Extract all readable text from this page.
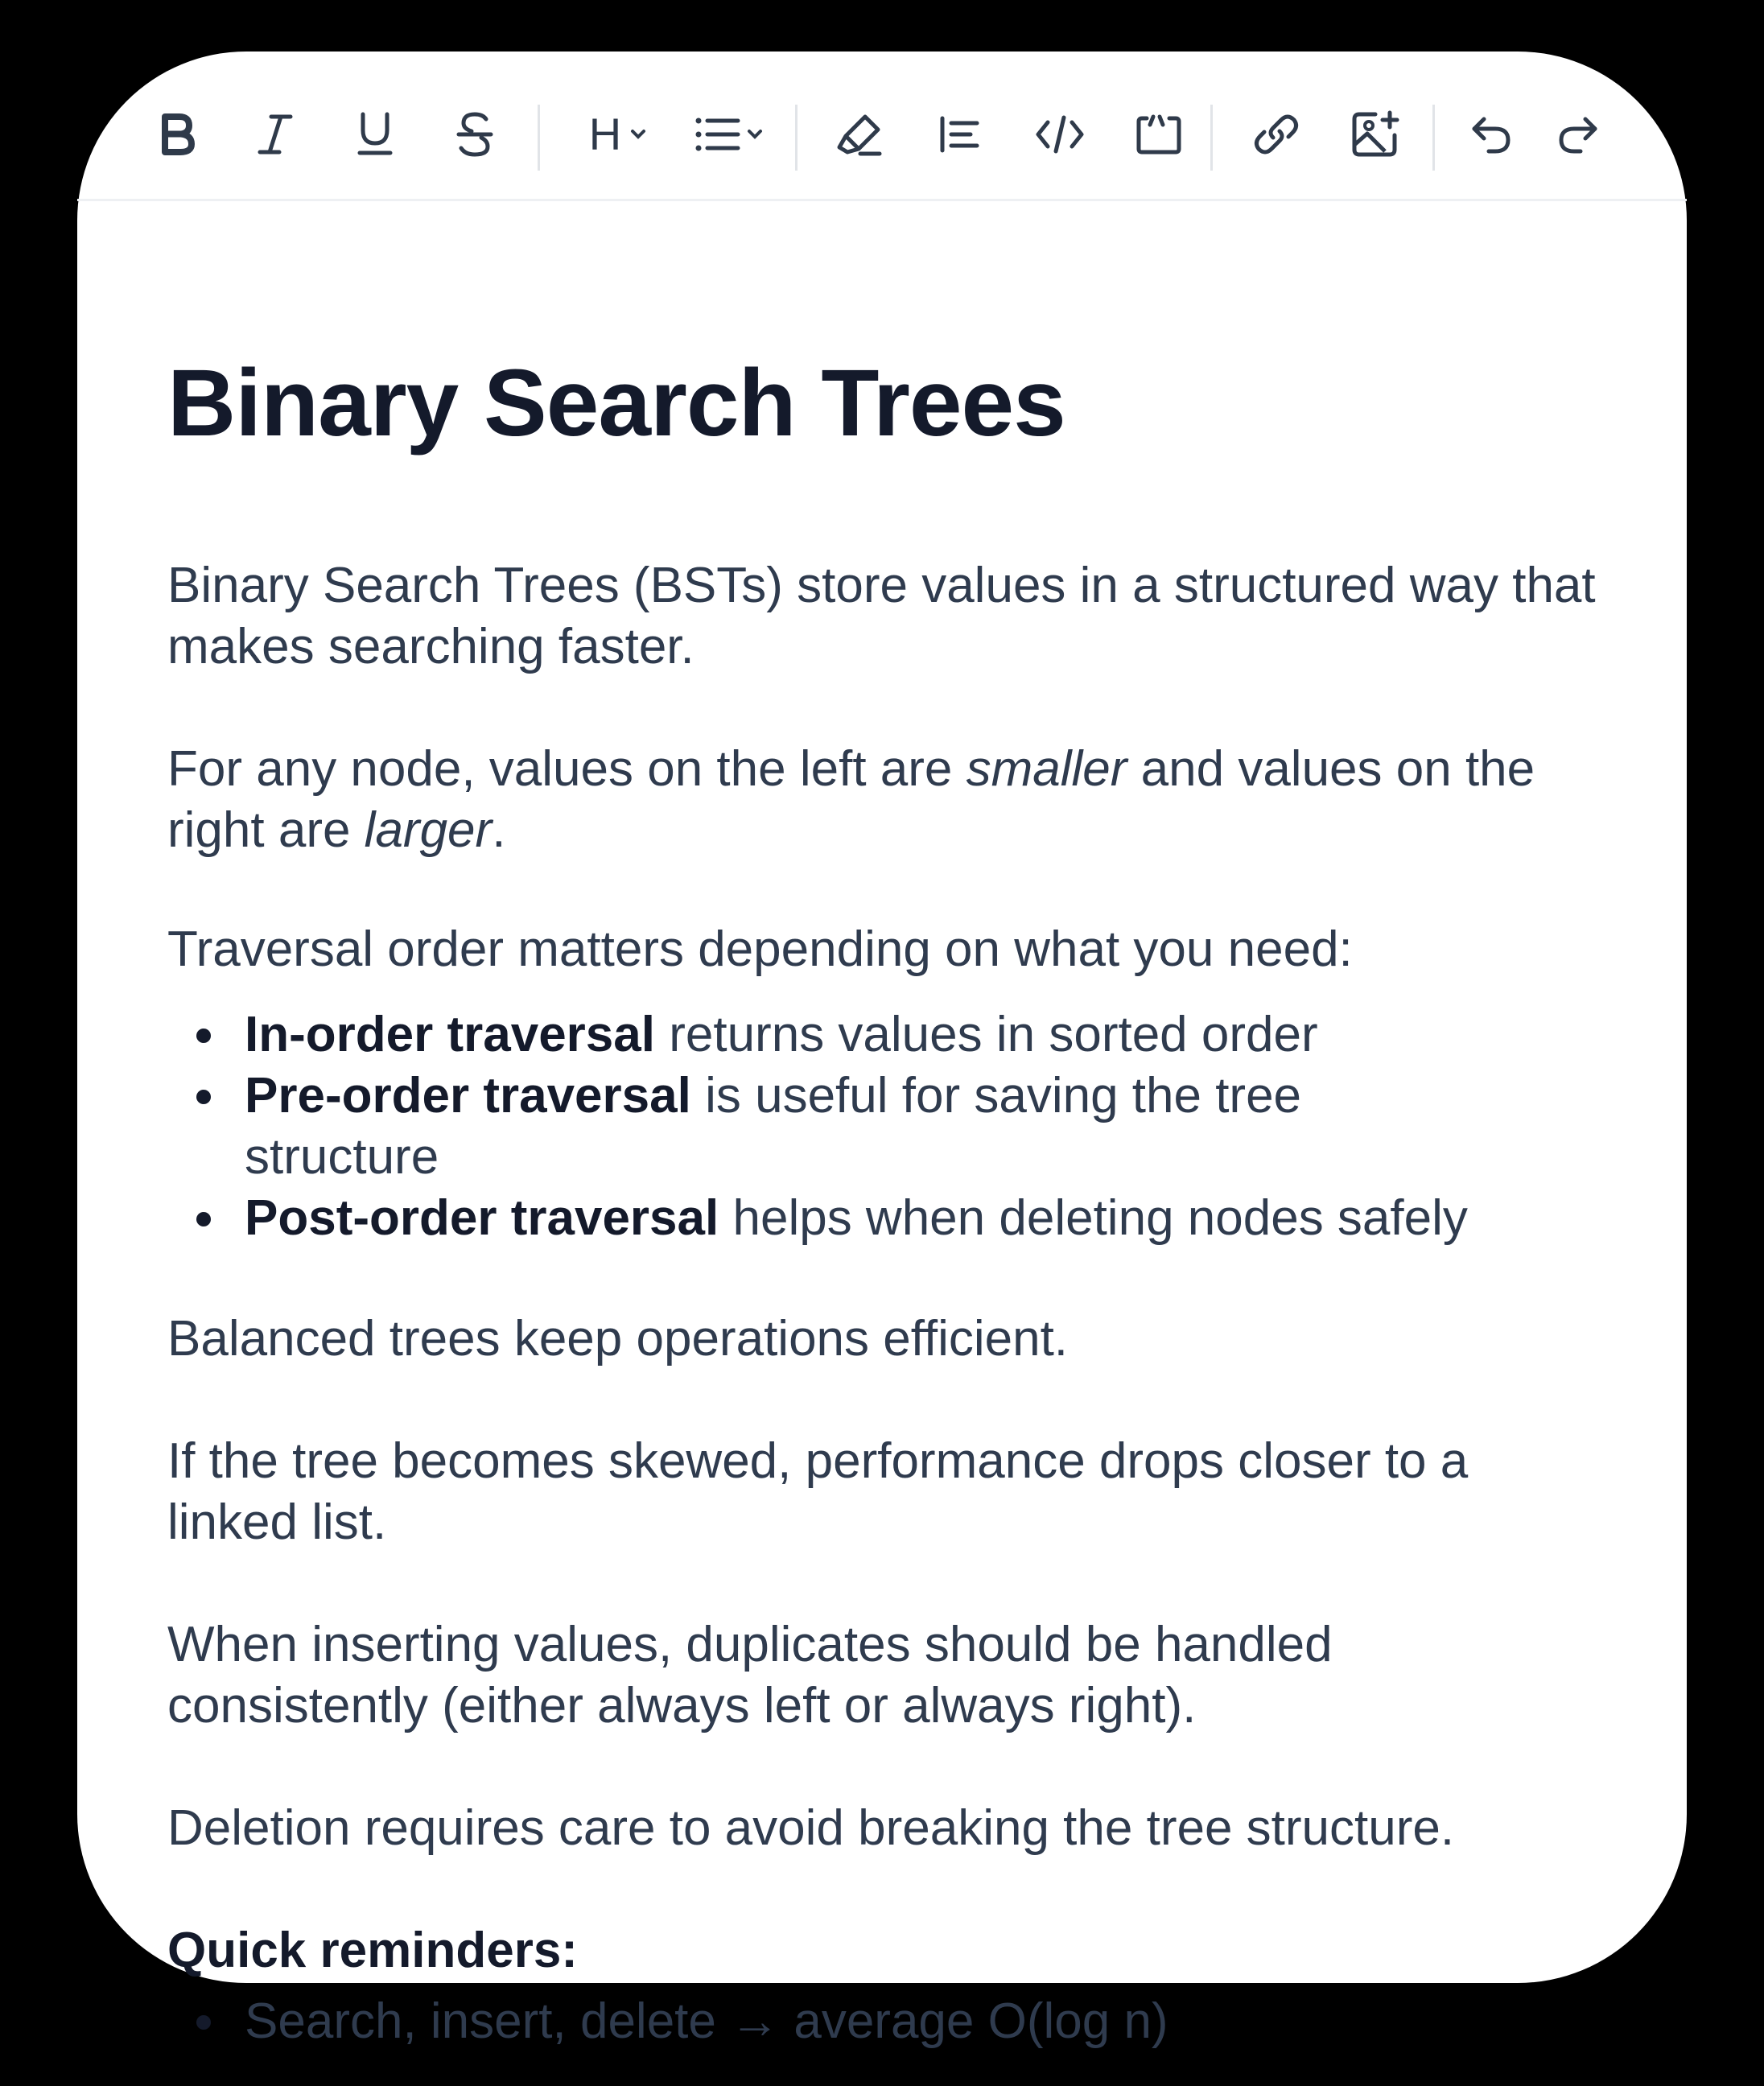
H
Binary Search Trees

Binary Search Trees (BSTs) store values in a structured way that makes searching faster.

For any node, values on the left are smaller and values on the right are larger.

Traversal order matters depending on what you need:

In-order traversal returns values in sorted order
Pre-order traversal is useful for saving the tree structure
Post-order traversal helps when deleting nodes safely

Balanced trees keep operations efficient.

If the tree becomes skewed, performance drops closer to a linked list.

When inserting values, duplicates should be handled consistently (either always left or always right).

Deletion requires care to avoid breaking the tree structure.

Quick reminders:

Search, insert, delete → average O(log n)
